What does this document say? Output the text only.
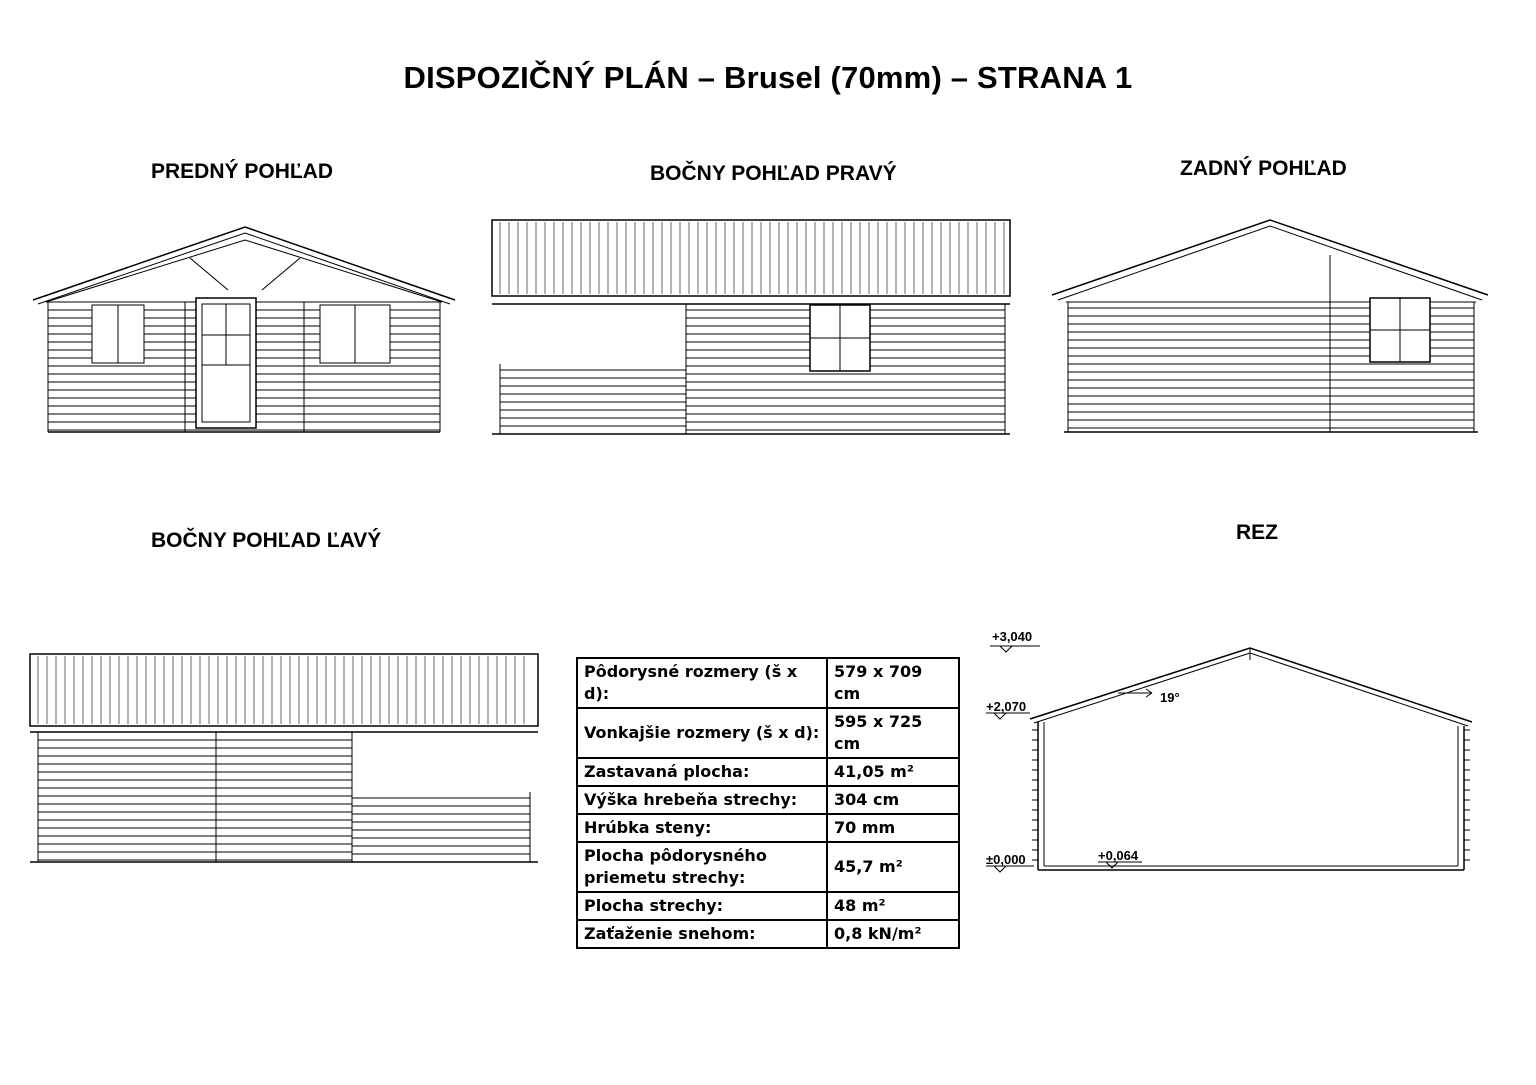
DISPOZIČNÝ PLÁN – Brusel (70mm) – STRANA 1
PREDNÝ POHĽAD	BOČNY POHĽAD PRAVÝ	ZADNÝ POHĽAD
BOČNY POHĽAD ĽAVÝ	REZ
+3,040
+2,070
±0,000	+0,064
19°
Pôdorysné rozmery (š x d):	579 x 709 cm
Vonkajšie rozmery (š x d):	595 x 725 cm
Zastavaná plocha:	41,05 m²
Výška hrebeňa strechy:	304 cm
Hrúbka steny:	70 mm
Plocha pôdorysného priemetu strechy:	45,7 m²
Plocha strechy:	48 m²
Zaťaženie snehom:	0,8 kN/m²
